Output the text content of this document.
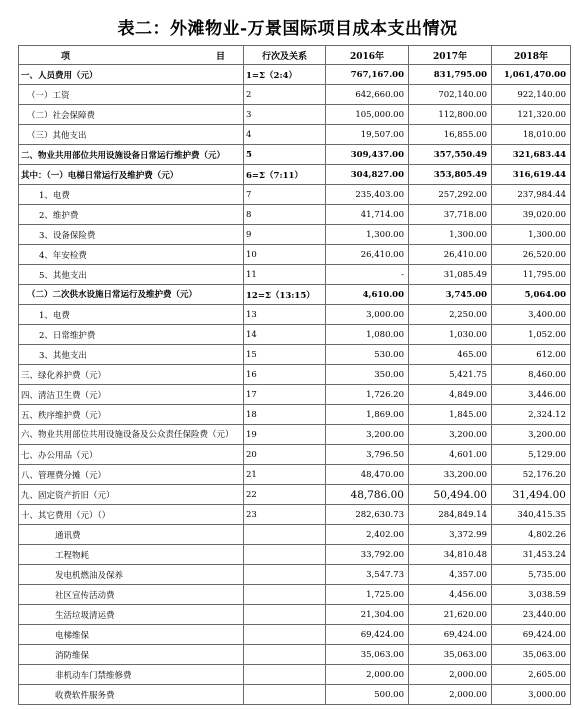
表二：外滩物业-万景国际项目成本支出情况
项 目	行次及关系	2016年	2017年	2018年
一、人员费用（元）	1=Σ（2:4）	767,167.00	831,795.00	1,061,470.00
（一）工资	2	642,660.00	702,140.00	922,140.00
（二）社会保障费	3	105,000.00	112,800.00	121,320.00
（三）其他支出	4	19,507.00	16,855.00	18,010.00
二、物业共用部位共用设施设备日常运行维护费（元）	5	309,437.00	357,550.49	321,683.44
其中：（一）电梯日常运行及维护费（元）	6=Σ（7:11）	304,827.00	353,805.49	316,619.44
1、电费	7	235,403.00	257,292.00	237,984.44
2、维护费	8	41,714.00	37,718.00	39,020.00
3、设备保险费	9	1,300.00	1,300.00	1,300.00
4、年安检费	10	26,410.00	26,410.00	26,520.00
5、其他支出	11	-	31,085.49	11,795.00
（二）二次供水设施日常运行及维护费（元）	12=Σ（13:15）	4,610.00	3,745.00	5,064.00
1、电费	13	3,000.00	2,250.00	3,400.00
2、日常维护费	14	1,080.00	1,030.00	1,052.00
3、其他支出	15	530.00	465.00	612.00
三、绿化养护费（元）	16	350.00	5,421.75	8,460.00
四、清洁卫生费（元）	17	1,726.20	4,849.00	3,446.00
五、秩序维护费（元）	18	1,869.00	1,845.00	2,324.12
六、物业共用部位共用设施设备及公众责任保险费（元）	19	3,200.00	3,200.00	3,200.00
七、办公用品（元）	20	3,796.50	4,601.00	5,129.00
八、管理费分摊（元）	21	48,470.00	33,200.00	52,176.20
九、固定资产折旧（元）	22	48,786.00	50,494.00	31,494.00
十、其它费用（元）（）	23	282,630.73	284,849.14	340,415.35
通讯费		2,402.00	3,372.99	4,802.26
工程物耗		33,792.00	34,810.48	31,453.24
发电机燃油及保养		3,547.73	4,357.00	5,735.00
社区宣传活动费		1,725.00	4,456.00	3,038.59
生活垃圾清运费		21,304.00	21,620.00	23,440.00
电梯维保		69,424.00	69,424.00	69,424.00
消防维保		35,063.00	35,063.00	35,063.00
非机动车门禁维修费		2,000.00	2,000.00	2,605.00
收费软件服务费		500.00	2,000.00	3,000.00
